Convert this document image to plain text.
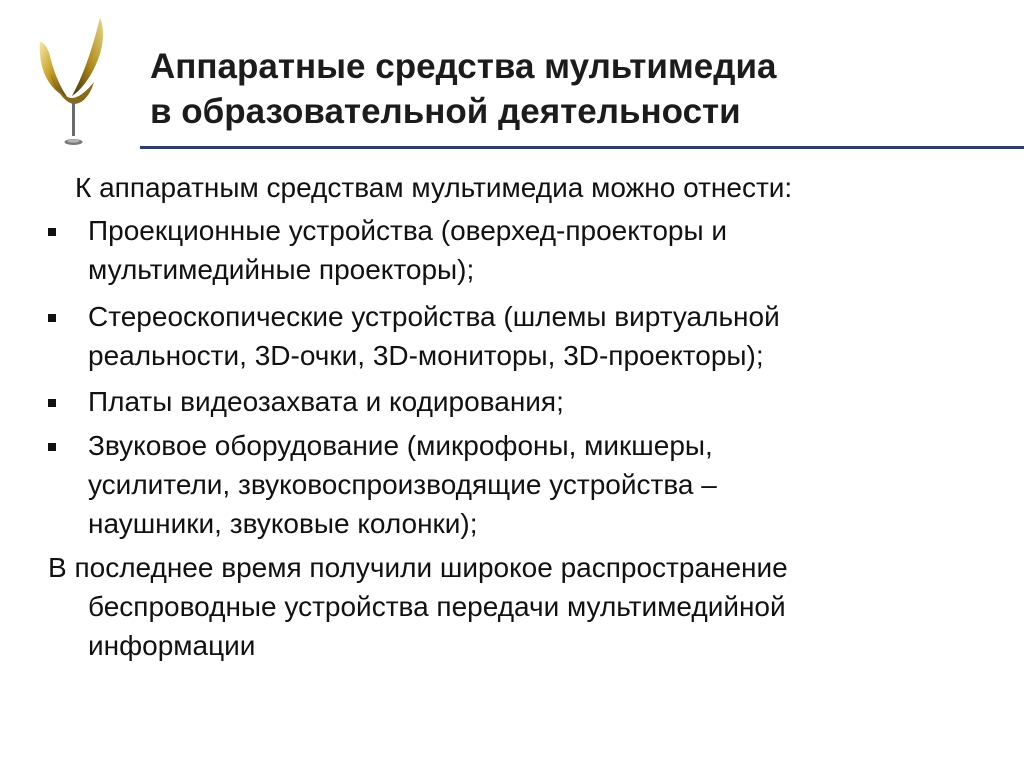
Аппаратные средства мультимедиа
в образовательной деятельности
К аппаратным средствам мультимедиа можно отнести:
Проекционные устройства (оверхед-проекторы и
мультимедийные проекторы);
Стереоскопические устройства (шлемы виртуальной
реальности, 3D-очки, 3D-мониторы, 3D-проекторы);
Платы видеозахвата и кодирования;
Звуковое оборудование (микрофоны, микшеры,
усилители, звуковоспроизводящие устройства –
наушники, звуковые колонки);
В последнее время получили широкое распространение
беспроводные устройства передачи мультимедийной
информации
